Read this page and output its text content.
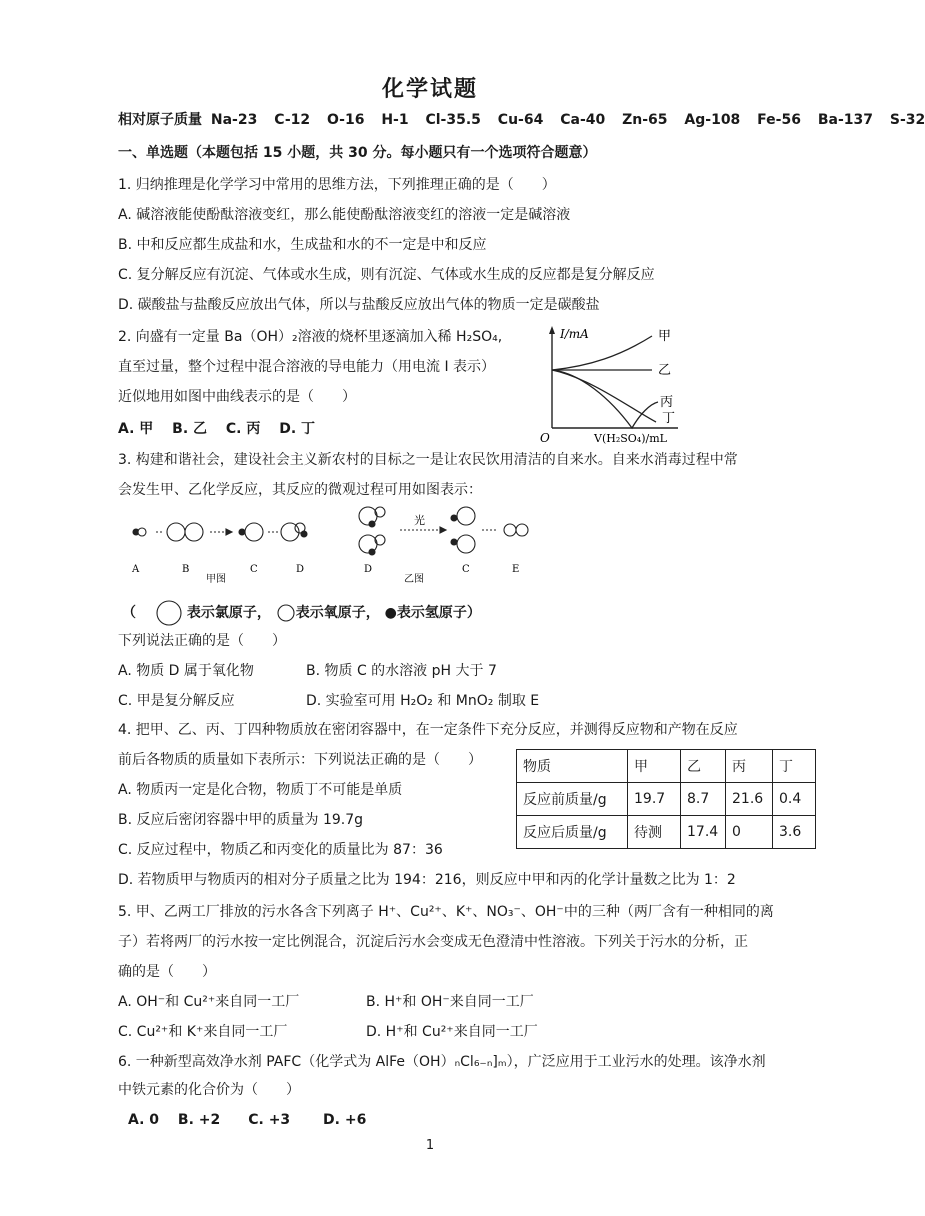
化学试题
相对原子质量 Na-23 C-12 O-16 H-1 Cl-35.5 Cu-64 Ca-40 Zn-65 Ag-108 Fe-56 Ba-137 S-32
一、单选题（本题包括 15 小题，共 30 分。每小题只有一个选项符合题意）
1. 归纳推理是化学学习中常用的思维方法，下列推理正确的是（　　）
A. 碱溶液能使酚酞溶液变红，那么能使酚酞溶液变红的溶液一定是碱溶液
B. 中和反应都生成盐和水，生成盐和水的不一定是中和反应
C. 复分解反应有沉淀、气体或水生成，则有沉淀、气体或水生成的反应都是复分解反应
D. 碳酸盐与盐酸反应放出气体，所以与盐酸反应放出气体的物质一定是碳酸盐
2. 向盛有一定量 Ba（OH）₂溶液的烧杯里逐滴加入稀 H₂SO₄,
直至过量，整个过程中混合溶液的导电能力（用电流 I 表示）
近似地用如图中曲线表示的是（　　）
A. 甲　 B. 乙　 C. 丙　 D. 丁
I/mA
O	V(H₂SO₄)/mL
甲
乙
丙
丁
3. 构建和谐社会，建设社会主义新农村的目标之一是让农民饮用清洁的自来水。自来水消毒过程中常
会发生甲、乙化学反应，其反应的微观过程可用如图表示：
A	B	C	D
甲图
光
D	C	E
乙图
（	表示氯原子， 表示氧原子， ●表示氢原子）
下列说法正确的是（　　）
A. 物质 D 属于氧化物	B. 物质 C 的水溶液 pH 大于 7
C. 甲是复分解反应	D. 实验室可用 H₂O₂ 和 MnO₂ 制取 E
4. 把甲、乙、丙、丁四种物质放在密闭容器中，在一定条件下充分反应，并测得反应物和产物在反应
前后各物质的质量如下表所示：下列说法正确的是（　　）
A. 物质丙一定是化合物，物质丁不可能是单质
B. 反应后密闭容器中甲的质量为 19.7g
C. 反应过程中，物质乙和丙变化的质量比为 87：36
D. 若物质甲与物质丙的相对分子质量之比为 194：216，则反应中甲和丙的化学计量数之比为 1：2
物质	甲	乙	丙	丁
反应前质量/g	19.7	8.7	21.6	0.4
反应后质量/g	待测	17.4	0	3.6
5. 甲、乙两工厂排放的污水各含下列离子 H⁺、Cu²⁺、K⁺、NO₃⁻、OH⁻中的三种（两厂含有一种相同的离
子）若将两厂的污水按一定比例混合，沉淀后污水会变成无色澄清中性溶液。下列关于污水的分析，正
确的是（　　）
A. OH⁻和 Cu²⁺来自同一工厂	B. H⁺和 OH⁻来自同一工厂
C. Cu²⁺和 K⁺来自同一工厂	D. H⁺和 Cu²⁺来自同一工厂
6. 一种新型高效净水剂 PAFC（化学式为 AlFe（OH）ₙCl₆₋ₙ]ₘ），广泛应用于工业污水的处理。该净水剂
中铁元素的化合价为（　　）
A. 0　 B. +2　　C. +3　　 D. +6
1
